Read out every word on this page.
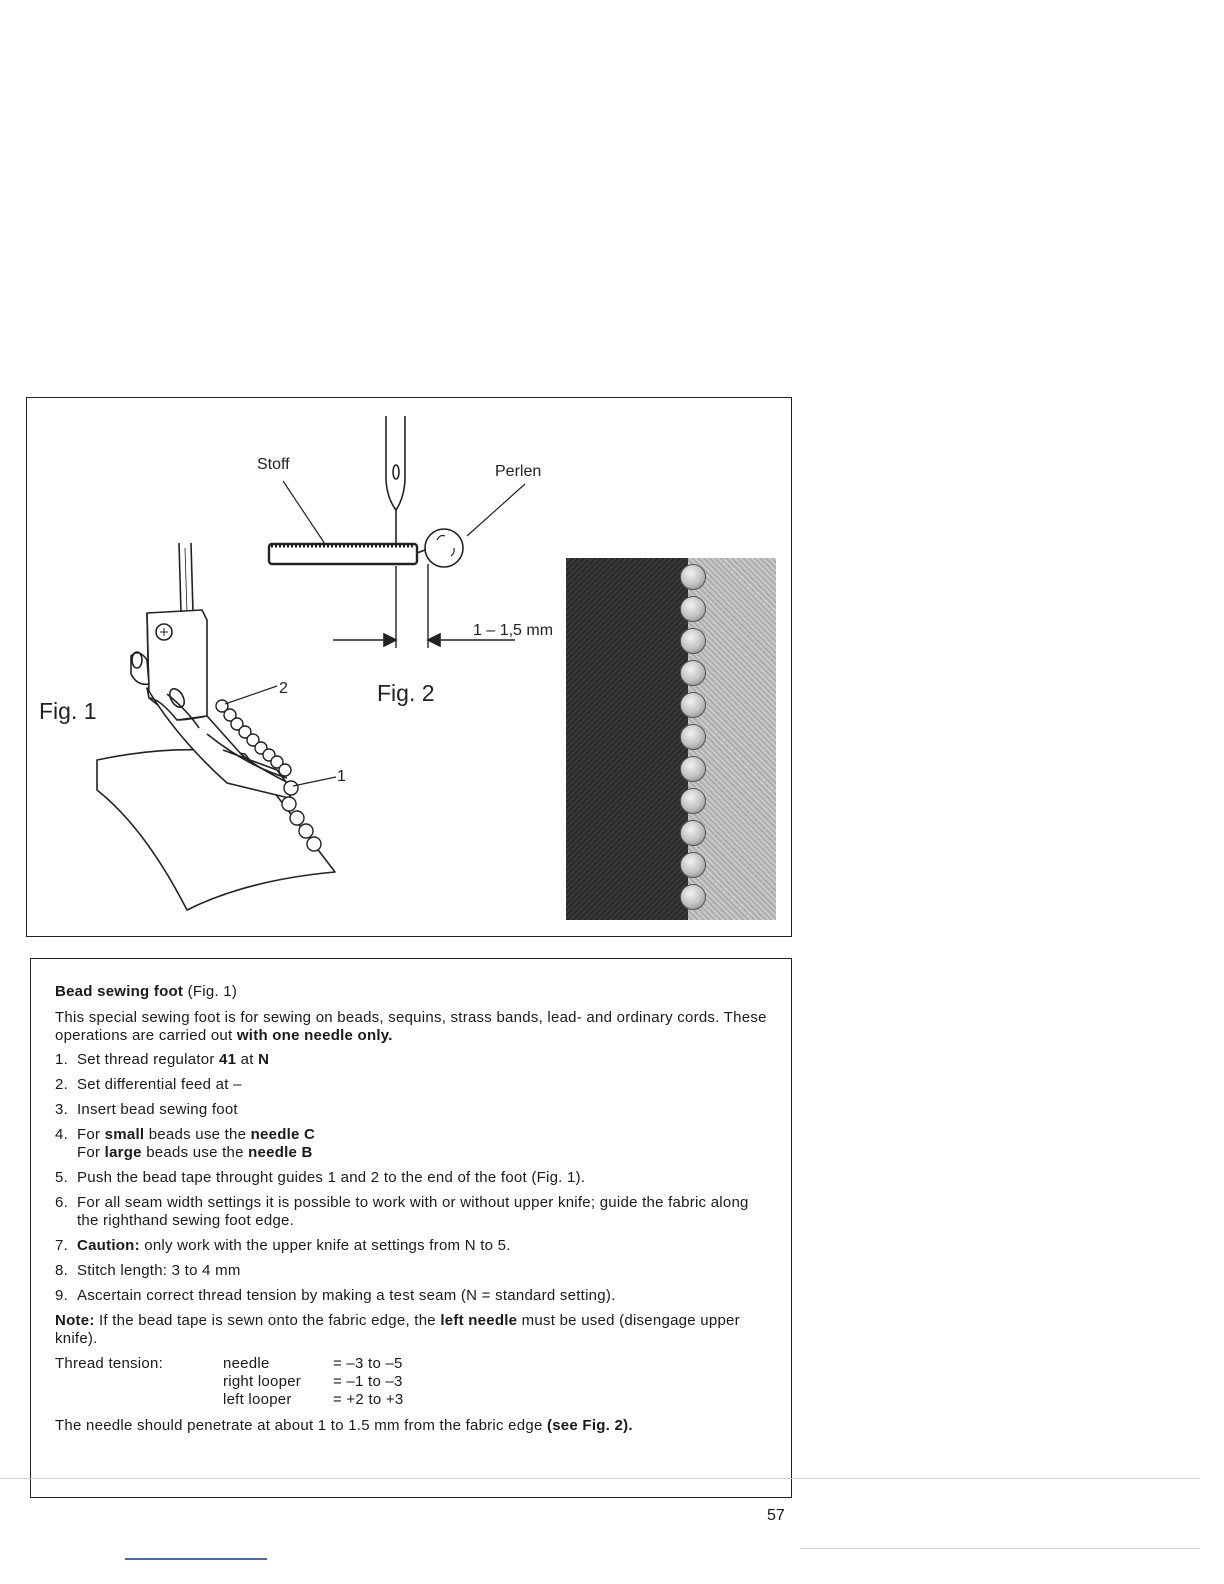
Stoff	Perlen
1 – 1,5 mm
Fig. 2
Fig. 1
2
1

Bead sewing foot (Fig. 1)

This special sewing foot is for sewing on beads, sequins, strass bands, lead- and ordinary cords. These operations are carried out with one needle only.

1. Set thread regulator 41 at N
2. Set differential feed at –
3. Insert bead sewing foot
4. For small beads use the needle C
For large beads use the needle B
5. Push the bead tape throught guides 1 and 2 to the end of the foot (Fig. 1).
6. For all seam width settings it is possible to work with or without upper knife; guide the fabric along the righthand sewing foot edge.
7. Caution: only work with the upper knife at settings from N to 5.
8. Stitch length: 3 to 4 mm
9. Ascertain correct thread tension by making a test seam (N = standard setting).

Note: If the bead tape is sewn onto the fabric edge, the left needle must be used (disengage upper knife).

Thread tension:	needle	= –3 to –5
right looper	= –1 to –3
left looper	= +2 to +3

The needle should penetrate at about 1 to 1.5 mm from the fabric edge (see Fig. 2).

57
